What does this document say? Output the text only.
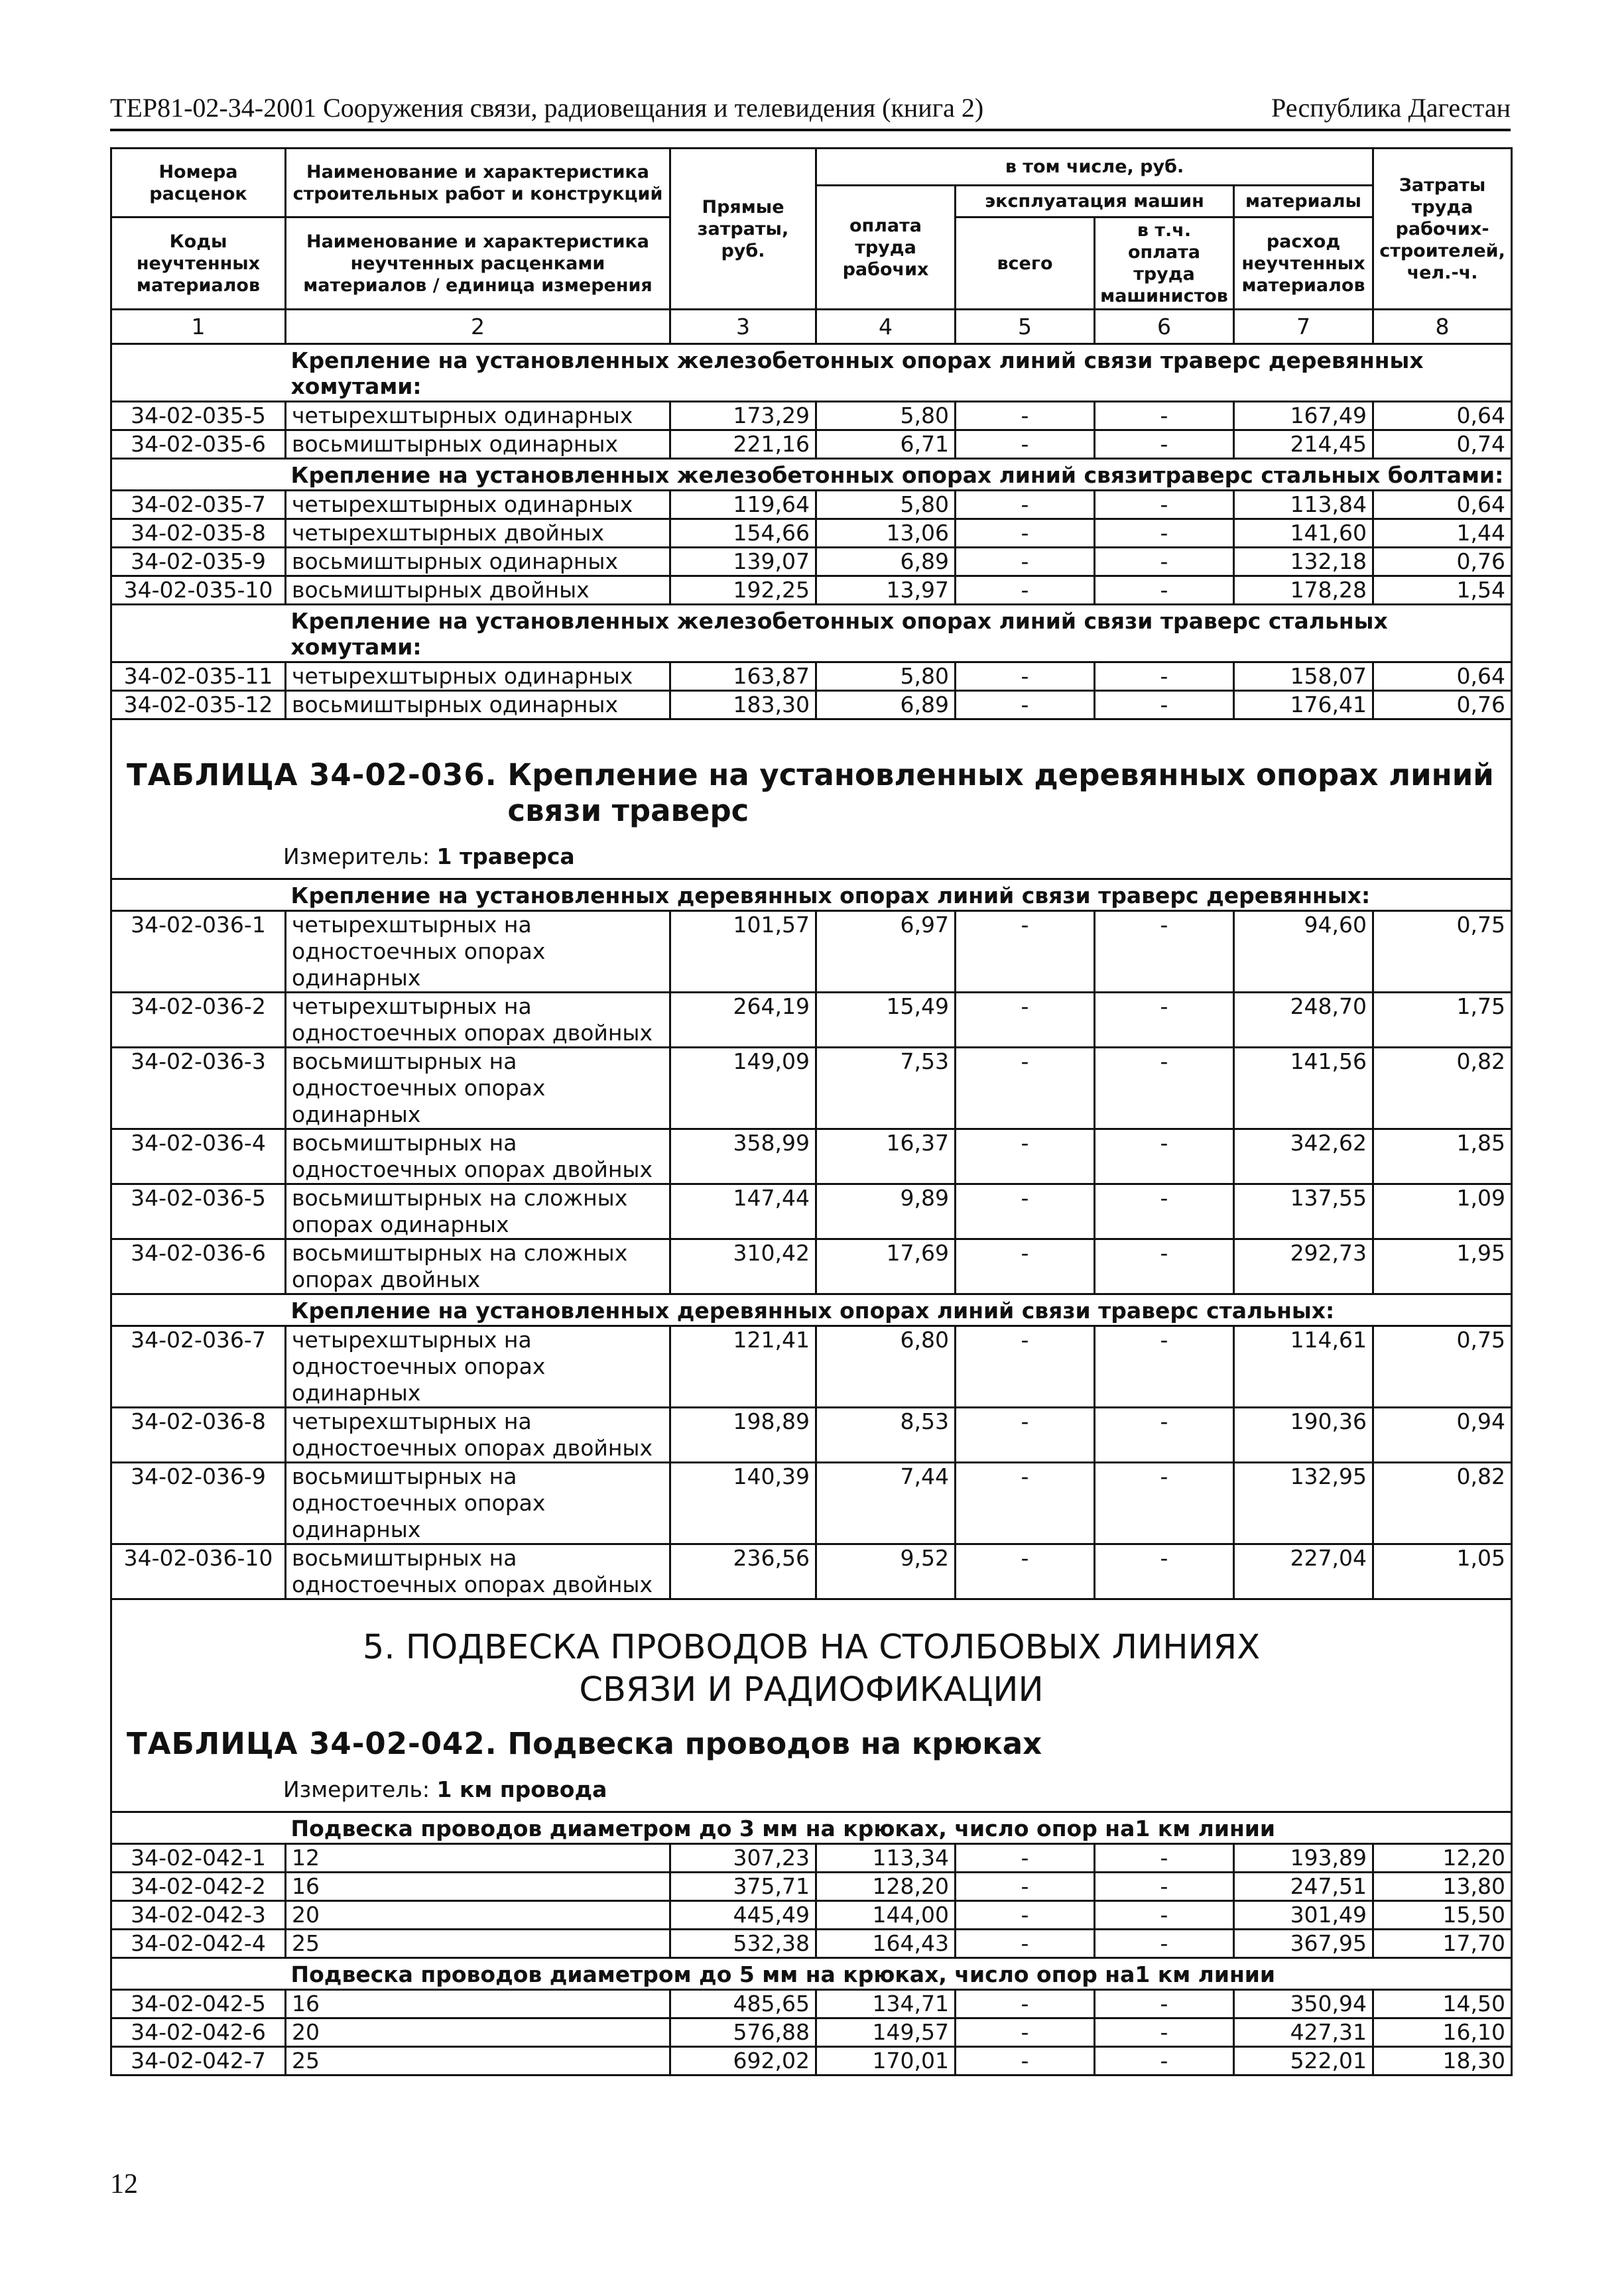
ТЕР81-02-34-2001 Сооружения связи, радиовещания и телевидения (книга 2)	Республика Дагестан
Номера расценок	Наименование и характеристика строительных работ и конструкций	Прямые затраты, руб.	в том числе, руб.				Затраты труда рабочих-строителей, чел.-ч.
			оплата труда рабочих	эксплуатация машин		материалы	
Коды неучтенных материалов	Наименование и характеристика неучтенных расценками материалов / единица измерения			всего	в т.ч. оплата труда машинистов	расход неучтенных материалов	

1	2	3	4	5	6	7	8
	Крепление на установленных железобетонных опорах линий связи траверс деревянных хомутами:						
34-02-035-5	четырехштырных одинарных	173,29	5,80	-	-	167,49	0,64
34-02-035-6	восьмиштырных одинарных	221,16	6,71	-	-	214,45	0,74
	Крепление на установленных железобетонных опорах линий связитраверс стальных болтами:						
34-02-035-7	четырехштырных одинарных	119,64	5,80	-	-	113,84	0,64
34-02-035-8	четырехштырных двойных	154,66	13,06	-	-	141,60	1,44
34-02-035-9	восьмиштырных одинарных	139,07	6,89	-	-	132,18	0,76
34-02-035-10	восьмиштырных двойных	192,25	13,97	-	-	178,28	1,54
	Крепление на установленных железобетонных опорах линий связи траверс стальных хомутами:						
34-02-035-11	четырехштырных одинарных	163,87	5,80	-	-	158,07	0,64
34-02-035-12	восьмиштырных одинарных	183,30	6,89	-	-	176,41	0,76

ТАБЛИЦА 34-02-036. Крепление на установленных деревянных опорах линий связи траверс
Измеритель: 1 траверса							

	Крепление на установленных деревянных опорах линий связи траверс деревянных:						
34-02-036-1	четырехштырных на одностоечных опорах одинарных	101,57	6,97	-	-	94,60	0,75
34-02-036-2	четырехштырных на одностоечных опорах двойных	264,19	15,49	-	-	248,70	1,75
34-02-036-3	восьмиштырных на одностоечных опорах одинарных	149,09	7,53	-	-	141,56	0,82
34-02-036-4	восьмиштырных на одностоечных опорах двойных	358,99	16,37	-	-	342,62	1,85
34-02-036-5	восьмиштырных на сложных опорах одинарных	147,44	9,89	-	-	137,55	1,09
34-02-036-6	восьмиштырных на сложных опорах двойных	310,42	17,69	-	-	292,73	1,95
	Крепление на установленных деревянных опорах линий связи траверс стальных:						
34-02-036-7	четырехштырных на одностоечных опорах одинарных	121,41	6,80	-	-	114,61	0,75
34-02-036-8	четырехштырных на одностоечных опорах двойных	198,89	8,53	-	-	190,36	0,94
34-02-036-9	восьмиштырных на одностоечных опорах одинарных	140,39	7,44	-	-	132,95	0,82
34-02-036-10	восьмиштырных на одностоечных опорах двойных	236,56	9,52	-	-	227,04	1,05

5. ПОДВЕСКА ПРОВОДОВ НА СТОЛБОВЫХ ЛИНИЯХ
СВЯЗИ И РАДИОФИКАЦИИ
ТАБЛИЦА 34-02-042. Подвеска проводов на крюках
Измеритель: 1 км провода							

	Подвеска проводов диаметром до 3 мм на крюках, число опор на1 км линии						
34-02-042-1	12	307,23	113,34	-	-	193,89	12,20
34-02-042-2	16	375,71	128,20	-	-	247,51	13,80
34-02-042-3	20	445,49	144,00	-	-	301,49	15,50
34-02-042-4	25	532,38	164,43	-	-	367,95	17,70
	Подвеска проводов диаметром до 5 мм на крюках, число опор на1 км линии						
34-02-042-5	16	485,65	134,71	-	-	350,94	14,50
34-02-042-6	20	576,88	149,57	-	-	427,31	16,10
34-02-042-7	25	692,02	170,01	-	-	522,01	18,30
12
